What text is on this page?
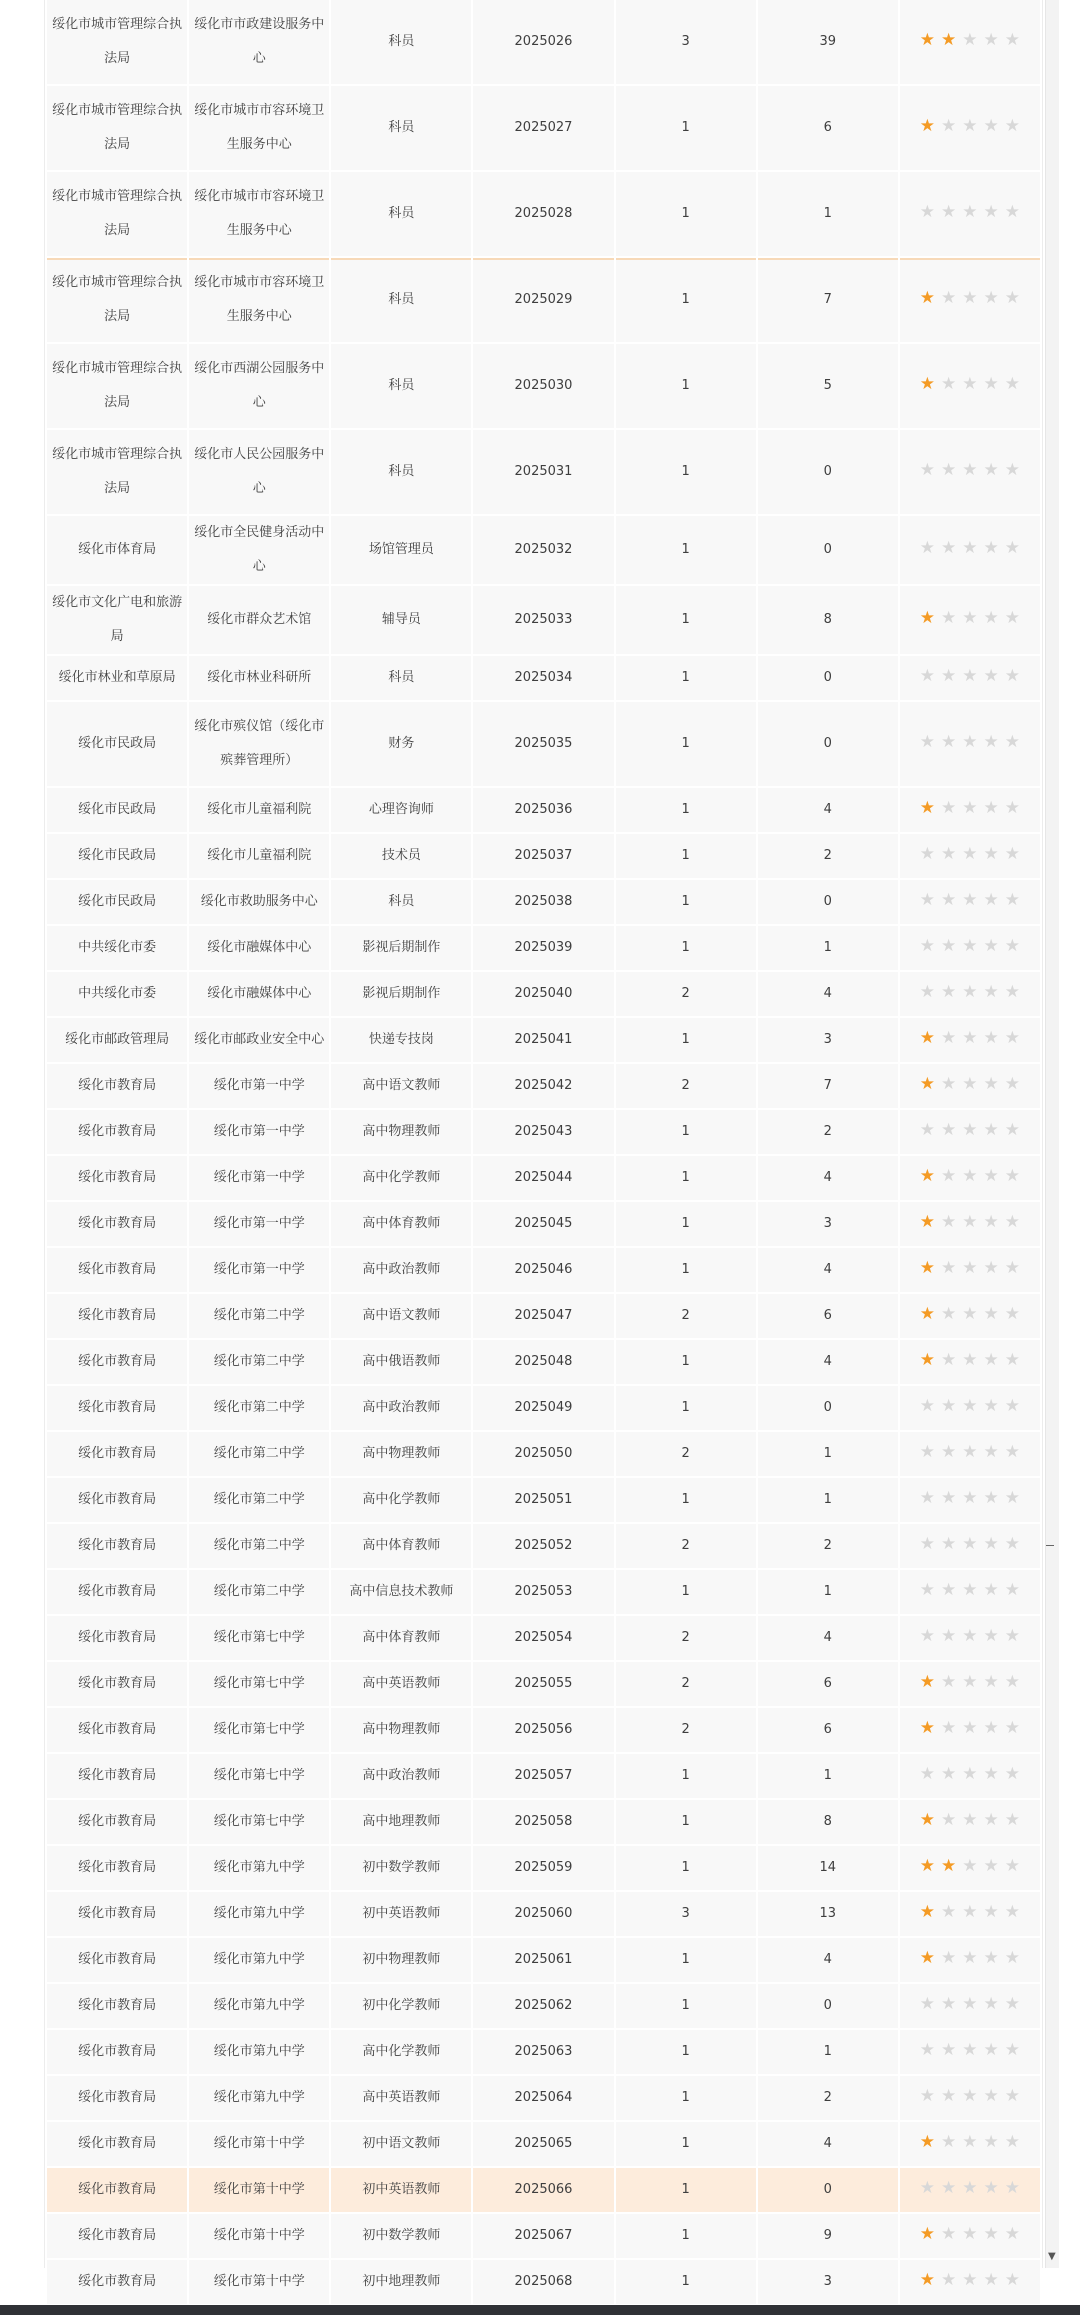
绥化市城市管理综合执法局	绥化市市政建设服务中心	科员	2025026	3	39	★ ★ ★ ★ ★
绥化市城市管理综合执法局	绥化市城市市容环境卫生服务中心	科员	2025027	1	6	★ ★ ★ ★ ★
绥化市城市管理综合执法局	绥化市城市市容环境卫生服务中心	科员	2025028	1	1	★ ★ ★ ★ ★
绥化市城市管理综合执法局	绥化市城市市容环境卫生服务中心	科员	2025029	1	7	★ ★ ★ ★ ★
绥化市城市管理综合执法局	绥化市西湖公园服务中心	科员	2025030	1	5	★ ★ ★ ★ ★
绥化市城市管理综合执法局	绥化市人民公园服务中心	科员	2025031	1	0	★ ★ ★ ★ ★
绥化市体育局	绥化市全民健身活动中心	场馆管理员	2025032	1	0	★ ★ ★ ★ ★
绥化市文化广电和旅游局	绥化市群众艺术馆	辅导员	2025033	1	8	★ ★ ★ ★ ★
绥化市林业和草原局	绥化市林业科研所	科员	2025034	1	0	★ ★ ★ ★ ★
绥化市民政局	绥化市殡仪馆（绥化市殡葬管理所）	财务	2025035	1	0	★ ★ ★ ★ ★
绥化市民政局	绥化市儿童福利院	心理咨询师	2025036	1	4	★ ★ ★ ★ ★
绥化市民政局	绥化市儿童福利院	技术员	2025037	1	2	★ ★ ★ ★ ★
绥化市民政局	绥化市救助服务中心	科员	2025038	1	0	★ ★ ★ ★ ★
中共绥化市委	绥化市融媒体中心	影视后期制作	2025039	1	1	★ ★ ★ ★ ★
中共绥化市委	绥化市融媒体中心	影视后期制作	2025040	2	4	★ ★ ★ ★ ★
绥化市邮政管理局	绥化市邮政业安全中心	快递专技岗	2025041	1	3	★ ★ ★ ★ ★
绥化市教育局	绥化市第一中学	高中语文教师	2025042	2	7	★ ★ ★ ★ ★
绥化市教育局	绥化市第一中学	高中物理教师	2025043	1	2	★ ★ ★ ★ ★
绥化市教育局	绥化市第一中学	高中化学教师	2025044	1	4	★ ★ ★ ★ ★
绥化市教育局	绥化市第一中学	高中体育教师	2025045	1	3	★ ★ ★ ★ ★
绥化市教育局	绥化市第一中学	高中政治教师	2025046	1	4	★ ★ ★ ★ ★
绥化市教育局	绥化市第二中学	高中语文教师	2025047	2	6	★ ★ ★ ★ ★
绥化市教育局	绥化市第二中学	高中俄语教师	2025048	1	4	★ ★ ★ ★ ★
绥化市教育局	绥化市第二中学	高中政治教师	2025049	1	0	★ ★ ★ ★ ★
绥化市教育局	绥化市第二中学	高中物理教师	2025050	2	1	★ ★ ★ ★ ★
绥化市教育局	绥化市第二中学	高中化学教师	2025051	1	1	★ ★ ★ ★ ★
绥化市教育局	绥化市第二中学	高中体育教师	2025052	2	2	★ ★ ★ ★ ★
绥化市教育局	绥化市第二中学	高中信息技术教师	2025053	1	1	★ ★ ★ ★ ★
绥化市教育局	绥化市第七中学	高中体育教师	2025054	2	4	★ ★ ★ ★ ★
绥化市教育局	绥化市第七中学	高中英语教师	2025055	2	6	★ ★ ★ ★ ★
绥化市教育局	绥化市第七中学	高中物理教师	2025056	2	6	★ ★ ★ ★ ★
绥化市教育局	绥化市第七中学	高中政治教师	2025057	1	1	★ ★ ★ ★ ★
绥化市教育局	绥化市第七中学	高中地理教师	2025058	1	8	★ ★ ★ ★ ★
绥化市教育局	绥化市第九中学	初中数学教师	2025059	1	14	★ ★ ★ ★ ★
绥化市教育局	绥化市第九中学	初中英语教师	2025060	3	13	★ ★ ★ ★ ★
绥化市教育局	绥化市第九中学	初中物理教师	2025061	1	4	★ ★ ★ ★ ★
绥化市教育局	绥化市第九中学	初中化学教师	2025062	1	0	★ ★ ★ ★ ★
绥化市教育局	绥化市第九中学	高中化学教师	2025063	1	1	★ ★ ★ ★ ★
绥化市教育局	绥化市第九中学	高中英语教师	2025064	1	2	★ ★ ★ ★ ★
绥化市教育局	绥化市第十中学	初中语文教师	2025065	1	4	★ ★ ★ ★ ★
绥化市教育局	绥化市第十中学	初中英语教师	2025066	1	0	★ ★ ★ ★ ★
绥化市教育局	绥化市第十中学	初中数学教师	2025067	1	9	★ ★ ★ ★ ★
绥化市教育局	绥化市第十中学	初中地理教师	2025068	1	3	★ ★ ★ ★ ★
▼
